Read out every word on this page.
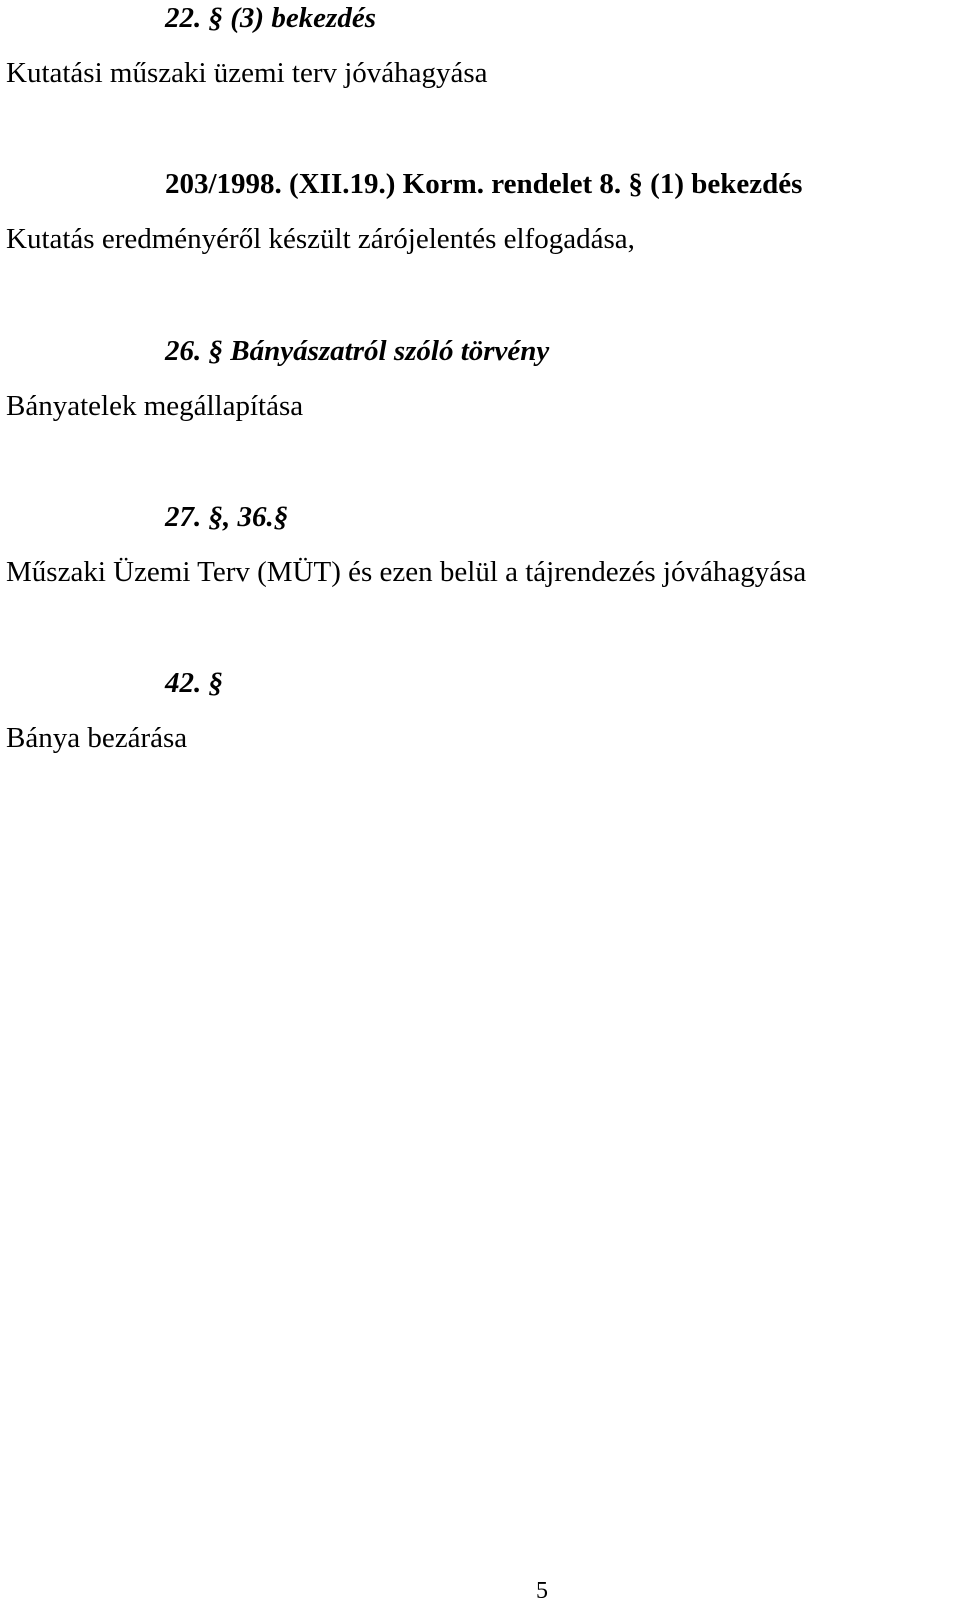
22. § (3) bekezdés
Kutatási műszaki üzemi terv jóváhagyása
203/1998. (XII.19.) Korm. rendelet 8. § (1) bekezdés
Kutatás eredményéről készült zárójelentés elfogadása,
26. § Bányászatról szóló törvény
Bányatelek megállapítása
27. §, 36.§
Műszaki Üzemi Terv (MÜT) és ezen belül a tájrendezés jóváhagyása
42. §
Bánya bezárása
5
